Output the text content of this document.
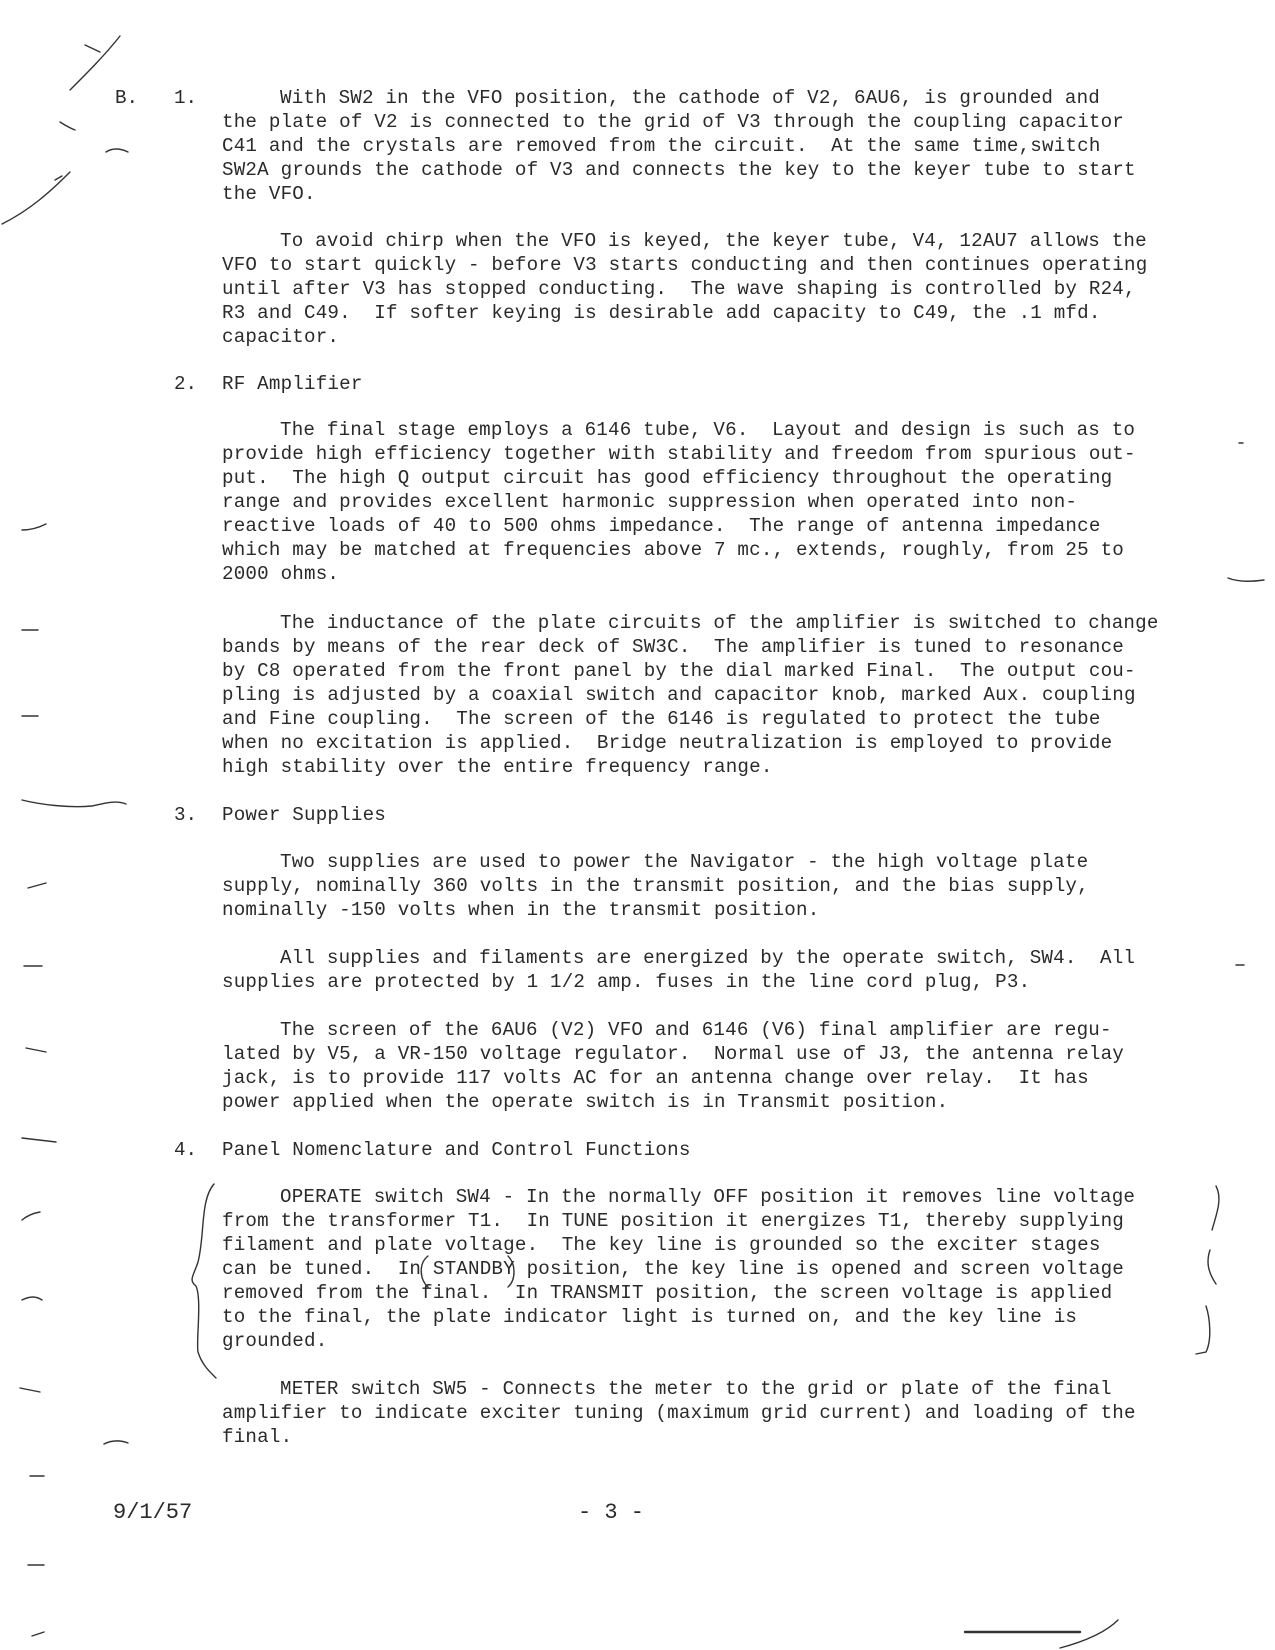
B. 1.	With SW2 in the VFO position, the cathode of V2, 6AU6, is grounded and
the plate of V2 is connected to the grid of V3 through the coupling capacitor
C41 and the crystals are removed from the circuit.  At the same time,switch
SW2A grounds the cathode of V3 and connects the key to the keyer tube to start
the VFO.
To avoid chirp when the VFO is keyed, the keyer tube, V4, 12AU7 allows the
VFO to start quickly - before V3 starts conducting and then continues operating
until after V3 has stopped conducting.  The wave shaping is controlled by R24,
R3 and C49.  If softer keying is desirable add capacity to C49, the .1 mfd.
capacitor.
2. RF Amplifier
The final stage employs a 6146 tube, V6.  Layout and design is such as to
provide high efficiency together with stability and freedom from spurious out-
put.  The high Q output circuit has good efficiency throughout the operating
range and provides excellent harmonic suppression when operated into non-
reactive loads of 40 to 500 ohms impedance.  The range of antenna impedance
which may be matched at frequencies above 7 mc., extends, roughly, from 25 to
2000 ohms.
The inductance of the plate circuits of the amplifier is switched to change
bands by means of the rear deck of SW3C.  The amplifier is tuned to resonance
by C8 operated from the front panel by the dial marked Final.  The output cou-
pling is adjusted by a coaxial switch and capacitor knob, marked Aux. coupling
and Fine coupling.  The screen of the 6146 is regulated to protect the tube
when no excitation is applied.  Bridge neutralization is employed to provide
high stability over the entire frequency range.
3. Power Supplies
Two supplies are used to power the Navigator - the high voltage plate
supply, nominally 360 volts in the transmit position, and the bias supply,
nominally -150 volts when in the transmit position.
All supplies and filaments are energized by the operate switch, SW4.  All
supplies are protected by 1 1/2 amp. fuses in the line cord plug, P3.
The screen of the 6AU6 (V2) VFO and 6146 (V6) final amplifier are regu-
lated by V5, a VR-150 voltage regulator.  Normal use of J3, the antenna relay
jack, is to provide 117 volts AC for an antenna change over relay.  It has
power applied when the operate switch is in Transmit position.
4. Panel Nomenclature and Control Functions
OPERATE switch SW4 - In the normally OFF position it removes line voltage
from the transformer T1.  In TUNE position it energizes T1, thereby supplying
filament and plate voltage.  The key line is grounded so the exciter stages
can be tuned.  In STANDBY position, the key line is opened and screen voltage
removed from the final.  In TRANSMIT position, the screen voltage is applied
to the final, the plate indicator light is turned on, and the key line is
grounded.
METER switch SW5 - Connects the meter to the grid or plate of the final
amplifier to indicate exciter tuning (maximum grid current) and loading of the
final.
9/1/57	- 3 -
